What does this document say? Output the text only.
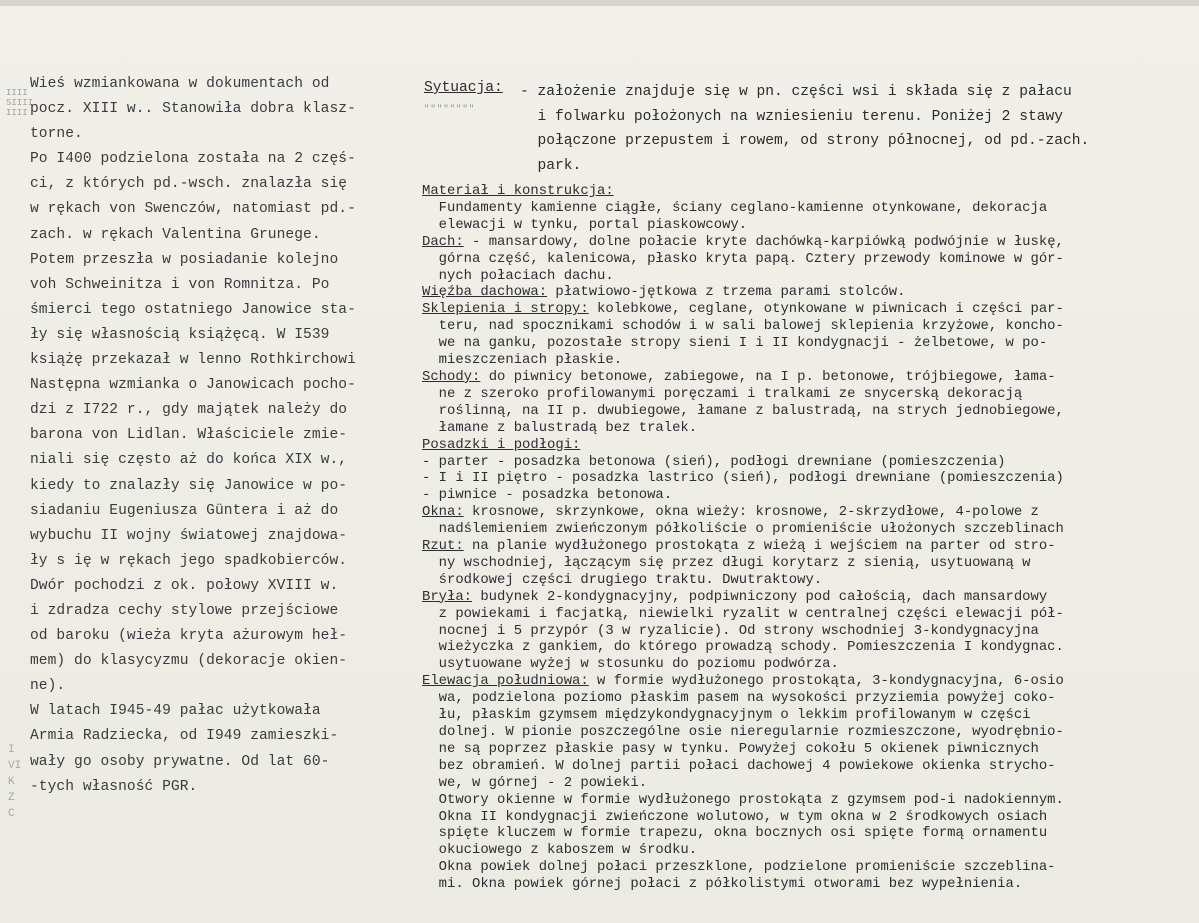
IIII
SIIII
IIII
Wieś wzmiankowana w dokumentach od
pocz. XIII w.. Stanowiła dobra klasz-
torne.
Po I400 podzielona została na 2 częś-
ci, z których pd.-wsch. znalazła się
w rękach von Swenczów, natomiast pd.-
zach. w rękach Valentina Grunege.
Potem przeszła w posiadanie kolejno
voh Schweinitza i von Romnitza. Po
śmierci tego ostatniego Janowice sta-
ły się własnością książęcą. W I539
książę przekazał w lenno Rothkirchowi
Następna wzmianka o Janowicach pocho-
dzi z I722 r., gdy majątek należy do
barona von Lidlan. Właściciele zmie-
niali się często aż do końca XIX w.,
kiedy to znalazły się Janowice w po-
siadaniu Eugeniusza Güntera i aż do
wybuchu II wojny światowej znajdowa-
ły s ię w rękach jego spadkobierców.
Dwór pochodzi z ok. połowy XVIII w.
i zdradza cechy stylowe przejściowe
od baroku (wieża kryta ażurowym heł-
mem) do klasycyzmu (dekoracje okien-
ne).
W latach I945-49 pałac użytkowała
Armia Radziecka, od I949 zamieszki-
wały go osoby prywatne. Od lat 60-
-tych własność PGR.
I
VI
K
Z
C
Sytuacja:
""""""""
- założenie znajduje się w pn. części wsi i składa się z pałacu
i folwarku położonych na wzniesieniu terenu. Poniżej 2 stawy
połączone przepustem i rowem, od strony północnej, od pd.-zach.
park.
Materiał i konstrukcja:
Fundamenty kamienne ciągłe, ściany ceglano-kamienne otynkowane, dekoracja
elewacji w tynku, portal piaskowcowy.
Dach: - mansardowy, dolne połacie kryte dachówką-karpiówką podwójnie w łuskę,
górna część, kalenicowa, płasko kryta papą. Cztery przewody kominowe w gór-
nych połaciach dachu.
Więźba dachowa: płatwiowo-jętkowa z trzema parami stolców.
Sklepienia i stropy: kolebkowe, ceglane, otynkowane w piwnicach i części par-
teru, nad spocznikami schodów i w sali balowej sklepienia krzyżowe, koncho-
we na ganku, pozostałe stropy sieni I i II kondygnacji - żelbetowe, w po-
mieszczeniach płaskie.
Schody: do piwnicy betonowe, zabiegowe, na I p. betonowe, trójbiegowe, łama-
ne z szeroko profilowanymi poręczami i tralkami ze snycerską dekoracją
roślinną, na II p. dwubiegowe, łamane z balustradą, na strych jednobiegowe,
łamane z balustradą bez tralek.
Posadzki i podłogi:
- parter - posadzka betonowa (sień), podłogi drewniane (pomieszczenia)
- I i II piętro - posadzka lastrico (sień), podłogi drewniane (pomieszczenia)
- piwnice - posadzka betonowa.
Okna: krosnowe, skrzynkowe, okna wieży: krosnowe, 2-skrzydłowe, 4-polowe z
nadślemieniem zwieńczonym półkoliście o promieniście ułożonych szczeblinach
Rzut: na planie wydłużonego prostokąta z wieżą i wejściem na parter od stro-
ny wschodniej, łączącym się przez długi korytarz z sienią, usytuowaną w
środkowej części drugiego traktu. Dwutraktowy.
Bryła: budynek 2-kondygnacyjny, podpiwniczony pod całością, dach mansardowy
z powiekami i facjatką, niewielki ryzalit w centralnej części elewacji pół-
nocnej i 5 przypór (3 w ryzalicie). Od strony wschodniej 3-kondygnacyjna
wieżyczka z gankiem, do którego prowadzą schody. Pomieszczenia I kondygnac.
usytuowane wyżej w stosunku do poziomu podwórza.
Elewacja południowa: w formie wydłużonego prostokąta, 3-kondygnacyjna, 6-osio
wa, podzielona poziomo płaskim pasem na wysokości przyziemia powyżej coko-
łu, płaskim gzymsem międzykondygnacyjnym o lekkim profilowanym w części
dolnej. W pionie poszczególne osie nieregularnie rozmieszczone, wyodrębnio-
ne są poprzez płaskie pasy w tynku. Powyżej cokołu 5 okienek piwnicznych
bez obramień. W dolnej partii połaci dachowej 4 powiekowe okienka strycho-
we, w górnej - 2 powieki.
Otwory okienne w formie wydłużonego prostokąta z gzymsem pod-i nadokiennym.
Okna II kondygnacji zwieńczone wolutowo, w tym okna w 2 środkowych osiach
spięte kluczem w formie trapezu, okna bocznych osi spięte formą ornamentu
okuciowego z kaboszem w środku.
Okna powiek dolnej połaci przeszklone, podzielone promieniście szczeblina-
mi. Okna powiek górnej połaci z półkolistymi otworami bez wypełnienia.
